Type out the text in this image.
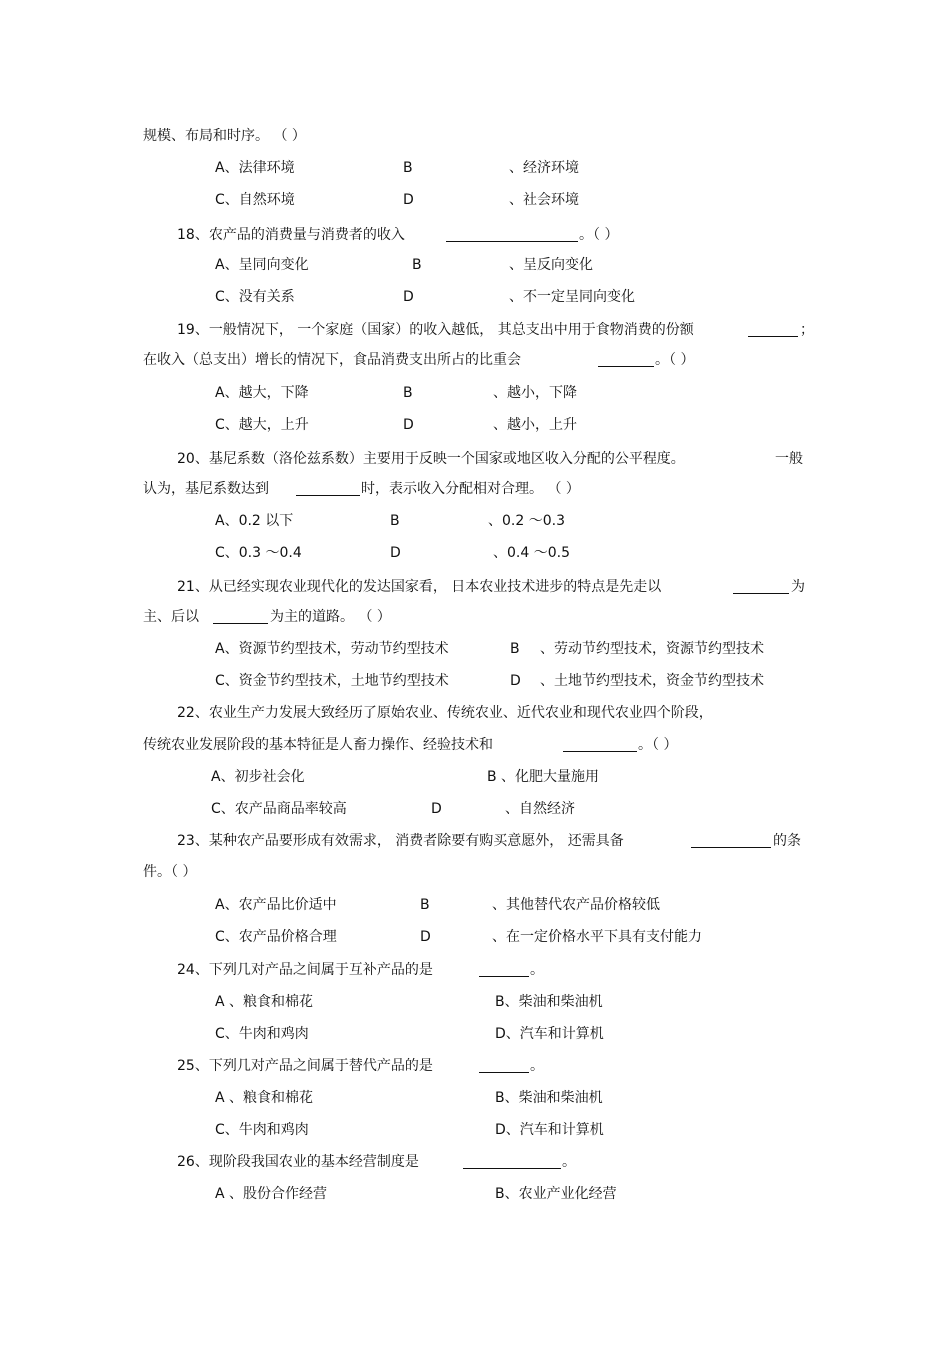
规模、布局和时序。 （ ）
A、法律环境	B	、经济环境
C、自然环境	D	、社会环境
18、农产品的消费量与消费者的收入	。（ ）
A、呈同向变化	B	、呈反向变化
C、没有关系	D	、不一定呈同向变化
19、一般情况下， 一个家庭（国家）的收入越低， 其总支出中用于食物消费的份额	；
在收入（总支出）增长的情况下，食品消费支出所占的比重会	。（ ）
A、越大，下降	B	、越小，下降
C、越大，上升	D	、越小，上升
20、基尼系数（洛伦兹系数）主要用于反映一个国家或地区收入分配的公平程度。	一般
认为，基尼系数达到	时，表示收入分配相对合理。 （ ）
A、0.2 以下	B	、0.2 ～0.3
C、0.3 ～0.4	D	、0.4 ～0.5
21、从已经实现农业现代化的发达国家看， 日本农业技术进步的特点是先走以	为
主、后以	为主的道路。 （ ）
A、资源节约型技术，劳动节约型技术	B 、劳动节约型技术，资源节约型技术
C、资金节约型技术，土地节约型技术	D 、土地节约型技术，资金节约型技术
22、农业生产力发展大致经历了原始农业、传统农业、近代农业和现代农业四个阶段，
传统农业发展阶段的基本特征是人畜力操作、经验技术和	。（ ）
A、初步社会化	B 、化肥大量施用
C、农产品商品率较高	D	、自然经济
23、某种农产品要形成有效需求， 消费者除要有购买意愿外， 还需具备	的条
件。（ ）
A、农产品比价适中	B	、其他替代农产品价格较低
C、农产品价格合理	D	、在一定价格水平下具有支付能力
24、下列几对产品之间属于互补产品的是	。
A 、粮食和棉花	B、柴油和柴油机
C、牛肉和鸡肉	D、汽车和计算机
25、下列几对产品之间属于替代产品的是	。
A 、粮食和棉花	B、柴油和柴油机
C、牛肉和鸡肉	D、汽车和计算机
26、现阶段我国农业的基本经营制度是	。
A 、股份合作经营	B、农业产业化经营
